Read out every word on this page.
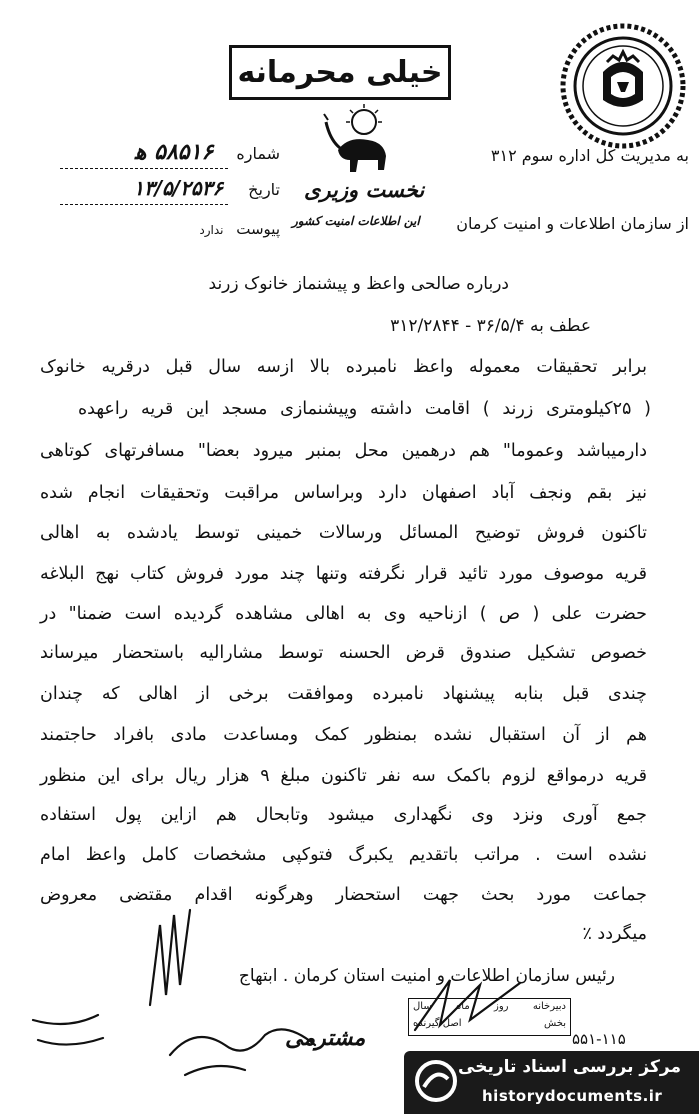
خیلی محرمانه
به مدیریت کل اداره سوم ۳۱۲
نخست وزیری
از سازمان اطلاعات و امنیت کرمان
این اطلاعات امنیت کشور
شماره ۵۸۵۱۶ ه‍
تاریخ ۱۳/۵/۲۵۳۶
پیوست ندارد
درباره صالحی واعظ و پیشنماز خانوک زرند
عطف به ۳۶/۵/۴ - ۳۱۲/۲۸۴۴
برابر تحقیقات معموله واعظ نامبرده بالا ازسه سال قبل درقریه خانوک
( ۲۵کیلومتری زرند ) اقامت داشته وپیشنمازی مسجد این قریه راعهده
دارمیباشد وعموما" هم درهمین محل بمنبر میرود بعضا" مسافرتهای کوتاهی
نیز بقم ونجف آباد اصفهان دارد وبراساس مراقبت وتحقیقات انجام شده
تاکنون فروش توضیح المسائل ورسالات خمینی توسط یادشده به اهالی
قریه موصوف مورد تائید قرار نگرفته وتنها چند مورد فروش کتاب نهج البلاغه
حضرت علی ( ص ) ازناحیه وی به اهالی مشاهده گردیده است ضمنا" در
خصوص تشکیل صندوق قرض الحسنه توسط مشارالیه باستحضار میرساند
چندی قبل بنابه پیشنهاد نامبرده وموافقت برخی از اهالی که چندان
هم از آن استقبال نشده بمنظور کمک ومساعدت مادی بافراد حاجتمند
قریه درمواقع لزوم باکمک سه نفر تاکنون مبلغ ۹ هزار ریال برای این منظور
جمع آوری ونزد وی نگهداری میشود وتابحال هم ازاین پول استفاده
نشده است . مراتب باتقدیم یکبرگ فتوکپی مشخصات کامل واعظ امام
جماعت مورد بحث جهت استحضار وهرگونه اقدام مقتضی معروض
میگردد ٪
رئیس سازمان اطلاعات و امنیت استان کرمان . ابتهاج
مشترمی
دبیرخانه
روز
ماه
سال
بخش
اصل گیرنده
۵۵۱-۱۱۵
مرکز بررسی اسناد تاریخی
historydocuments.ir
